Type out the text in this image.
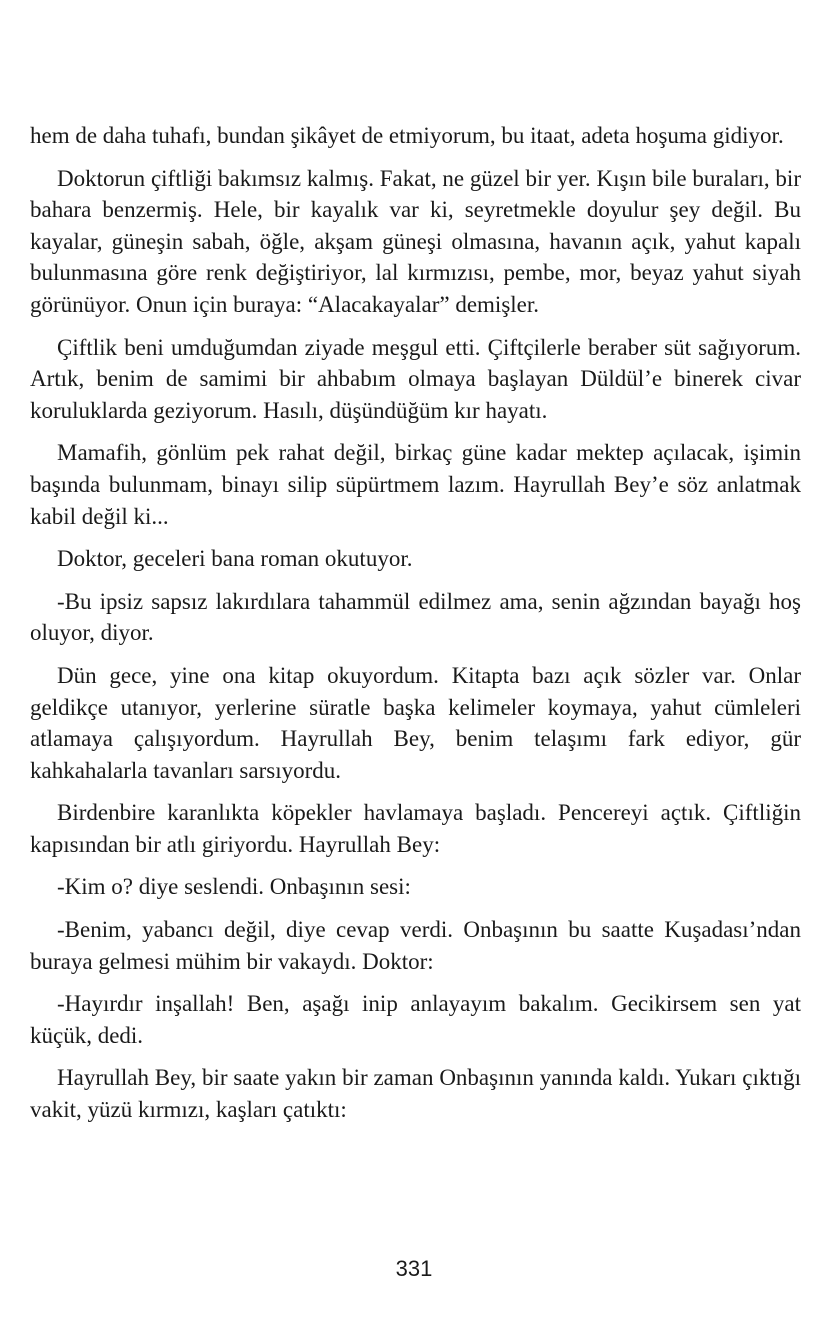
hem de daha tuhafı, bundan şikâyet de etmiyorum, bu itaat, adeta hoşuma gidiyor.

Doktorun çiftliği bakımsız kalmış. Fakat, ne güzel bir yer. Kışın bile buraları, bir bahara benzermiş. Hele, bir kayalık var ki, seyretmekle doyulur şey değil. Bu kayalar, güneşin sabah, öğle, akşam güneşi olmasına, havanın açık, yahut kapalı bulunmasına göre renk değiştiriyor, lal kırmızısı, pembe, mor, beyaz yahut siyah görünüyor. Onun için buraya: “Alacakayalar” demişler.

Çiftlik beni umduğumdan ziyade meşgul etti. Çiftçilerle beraber süt sağıyorum. Artık, benim de samimi bir ahbabım olmaya başlayan Düldül’e binerek civar koruluklarda geziyorum. Hasılı, düşündüğüm kır hayatı.

Mamafih, gönlüm pek rahat değil, birkaç güne kadar mektep açılacak, işimin başında bulunmam, binayı silip süpürtmem lazım. Hayrullah Bey’e söz anlatmak kabil değil ki...

Doktor, geceleri bana roman okutuyor.

-Bu ipsiz sapsız lakırdılara tahammül edilmez ama, senin ağzından bayağı hoş oluyor, diyor.

Dün gece, yine ona kitap okuyordum. Kitapta bazı açık sözler var. Onlar geldikçe utanıyor, yerlerine süratle başka kelimeler koymaya, yahut cümleleri atlamaya çalışıyordum. Hayrullah Bey, benim telaşımı fark ediyor, gür kahkahalarla tavanları sarsıyordu.

Birdenbire karanlıkta köpekler havlamaya başladı. Pencereyi açtık. Çiftliğin kapısından bir atlı giriyordu. Hayrullah Bey:

-Kim o? diye seslendi. Onbaşının sesi:

-Benim, yabancı değil, diye cevap verdi. Onbaşının bu saatte Kuşadası’ndan buraya gelmesi mühim bir vakaydı. Doktor:

-Hayırdır inşallah! Ben, aşağı inip anlayayım bakalım. Gecikirsem sen yat küçük, dedi.

Hayrullah Bey, bir saate yakın bir zaman Onbaşının yanında kaldı. Yukarı çıktığı vakit, yüzü kırmızı, kaşları çatıktı:

331
